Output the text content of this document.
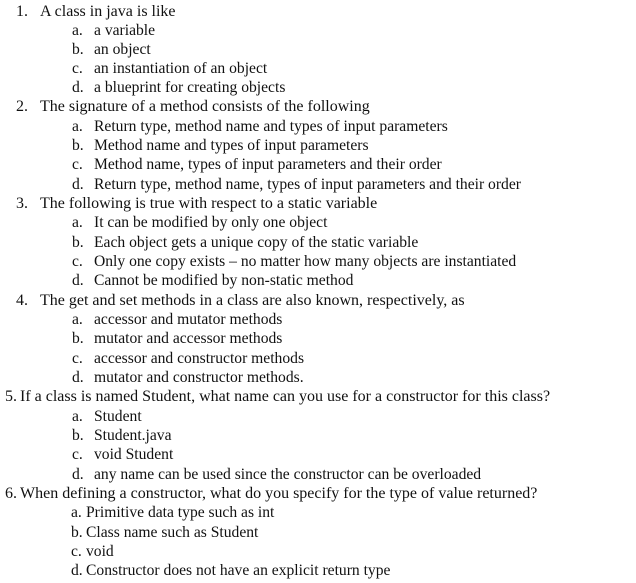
1. A class in java is like
a. a variable
b. an object
c. an instantiation of an object
d. a blueprint for creating objects
2. The signature of a method consists of the following
a. Return type, method name and types of input parameters
b. Method name and types of input parameters
c. Method name, types of input parameters and their order
d. Return type, method name, types of input parameters and their order
3. The following is true with respect to a static variable
a. It can be modified by only one object
b. Each object gets a unique copy of the static variable
c. Only one copy exists – no matter how many objects are instantiated
d. Cannot be modified by non-static method
4. The get and set methods in a class are also known, respectively, as
a. accessor and mutator methods
b. mutator and accessor methods
c. accessor and constructor methods
d. mutator and constructor methods.
5. If a class is named Student, what name can you use for a constructor for this class?
a. Student
b. Student.java
c. void Student
d. any name can be used since the constructor can be overloaded
6. When defining a constructor, what do you specify for the type of value returned?
a. Primitive data type such as int
b. Class name such as Student
c. void
d. Constructor does not have an explicit return type
